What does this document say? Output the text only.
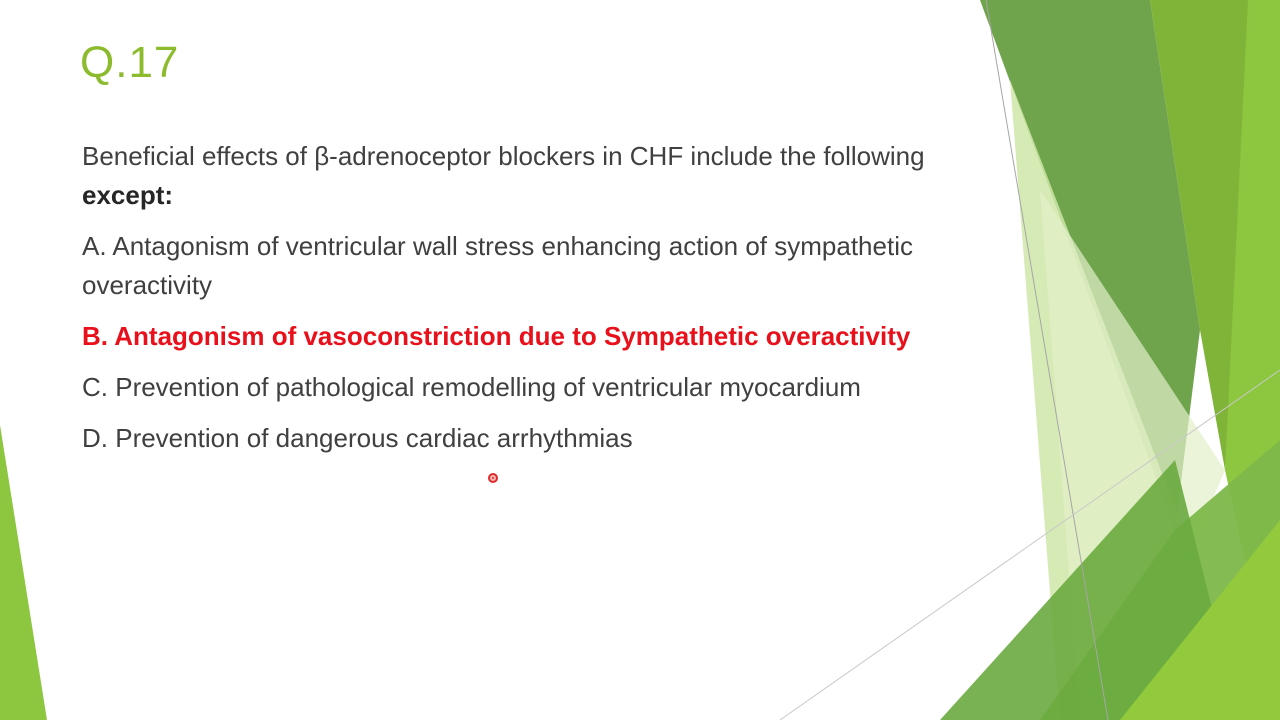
Q.17

Beneficial effects of β-adrenoceptor blockers in CHF include the following except:

A. Antagonism of ventricular wall stress enhancing action of sympathetic overactivity

B. Antagonism of vasoconstriction due to Sympathetic overactivity

C. Prevention of pathological remodelling of ventricular myocardium

D. Prevention of dangerous cardiac arrhythmias
